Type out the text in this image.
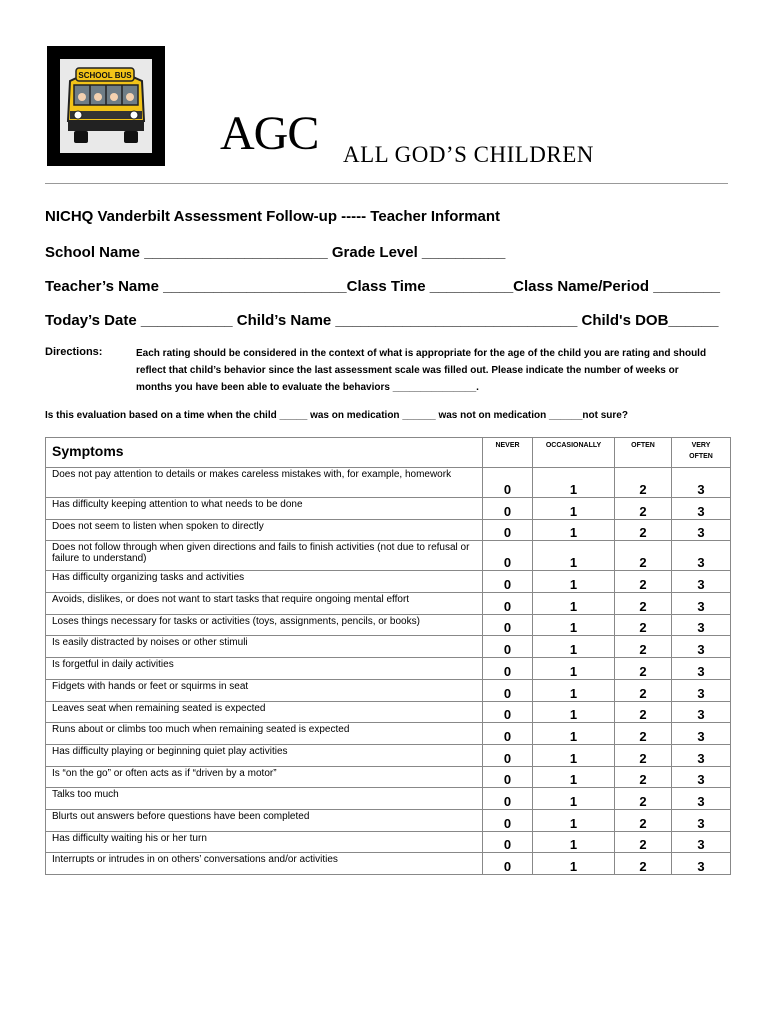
SCHOOL BUS
AGC ALL GOD’S CHILDREN
NICHQ Vanderbilt Assessment Follow-up ----- Teacher Informant
School Name ______________________ Grade Level __________
Teacher’s Name ______________________Class Time __________Class Name/Period ________
Today’s Date ___________ Child’s Name _____________________________ Child's DOB______
Directions:	Each rating should be considered in the context of what is appropriate for the age of the child you are rating and should reflect that child’s behavior since the last assessment scale was filled out. Please indicate the number of weeks or months you have been able to evaluate the behaviors _______________.
Is this evaluation based on a time when the child _____ was on medication ______ was not on medication ______not sure?
Symptoms	NEVER	OCCASIONALLY	OFTEN	VERY OFTEN
Does not pay attention to details or makes careless mistakes with, for example, homework	0	1	2	3
Has difficulty keeping attention to what needs to be done	0	1	2	3
Does not seem to listen when spoken to directly	0	1	2	3
Does not follow through when given directions and fails to finish activities (not due to refusal or failure to understand)	0	1	2	3
Has difficulty organizing tasks and activities	0	1	2	3
Avoids, dislikes, or does not want to start tasks that require ongoing mental effort	0	1	2	3
Loses things necessary for tasks or activities (toys, assignments, pencils, or books)	0	1	2	3
Is easily distracted by noises or other stimuli	0	1	2	3
Is forgetful in daily activities	0	1	2	3
Fidgets with hands or feet or squirms in seat	0	1	2	3
Leaves seat when remaining seated is expected	0	1	2	3
Runs about or climbs too much when remaining seated is expected	0	1	2	3
Has difficulty playing or beginning quiet play activities	0	1	2	3
Is “on the go” or often acts as if “driven by a motor”	0	1	2	3
Talks too much	0	1	2	3
Blurts out answers before questions have been completed	0	1	2	3
Has difficulty waiting his or her turn	0	1	2	3
Interrupts or intrudes in on others’ conversations and/or activities	0	1	2	3
